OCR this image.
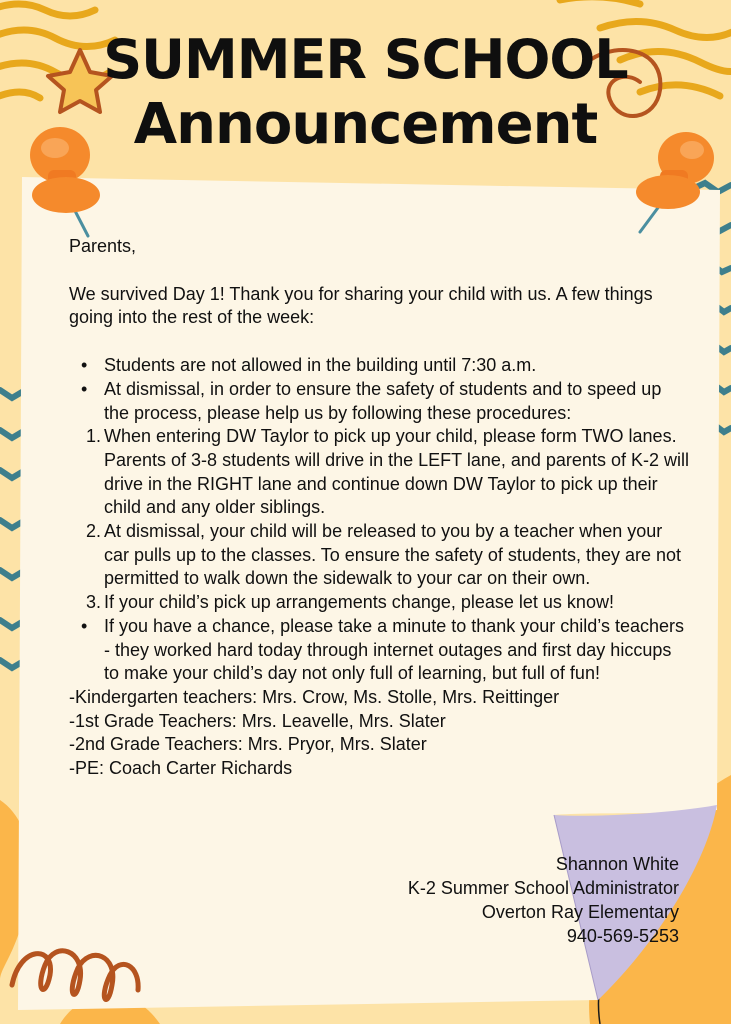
SUMMER SCHOOL
Announcement

Parents,

We survived Day 1! Thank you for sharing your child with us. A few things going into the rest of the week:

• Students are not allowed in the building until 7:30 a.m.
• At dismissal, in order to ensure the safety of students and to speed up the process, please help us by following these procedures:
1. When entering DW Taylor to pick up your child, please form TWO lanes. Parents of 3-8 students will drive in the LEFT lane, and parents of K-2 will drive in the RIGHT lane and continue down DW Taylor to pick up their child and any older siblings.
2. At dismissal, your child will be released to you by a teacher when your car pulls up to the classes. To ensure the safety of students, they are not permitted to walk down the sidewalk to your car on their own.
3. If your child’s pick up arrangements change, please let us know!
• If you have a chance, please take a minute to thank your child’s teachers - they worked hard today through internet outages and first day hiccups to make your child’s day not only full of learning, but full of fun!

-Kindergarten teachers: Mrs. Crow, Ms. Stolle, Mrs. Reittinger

-1st Grade Teachers: Mrs. Leavelle, Mrs. Slater

-2nd Grade Teachers: Mrs. Pryor, Mrs. Slater

-PE: Coach Carter Richards

Shannon White
K-2 Summer School Administrator
Overton Ray Elementary
940-569-5253
